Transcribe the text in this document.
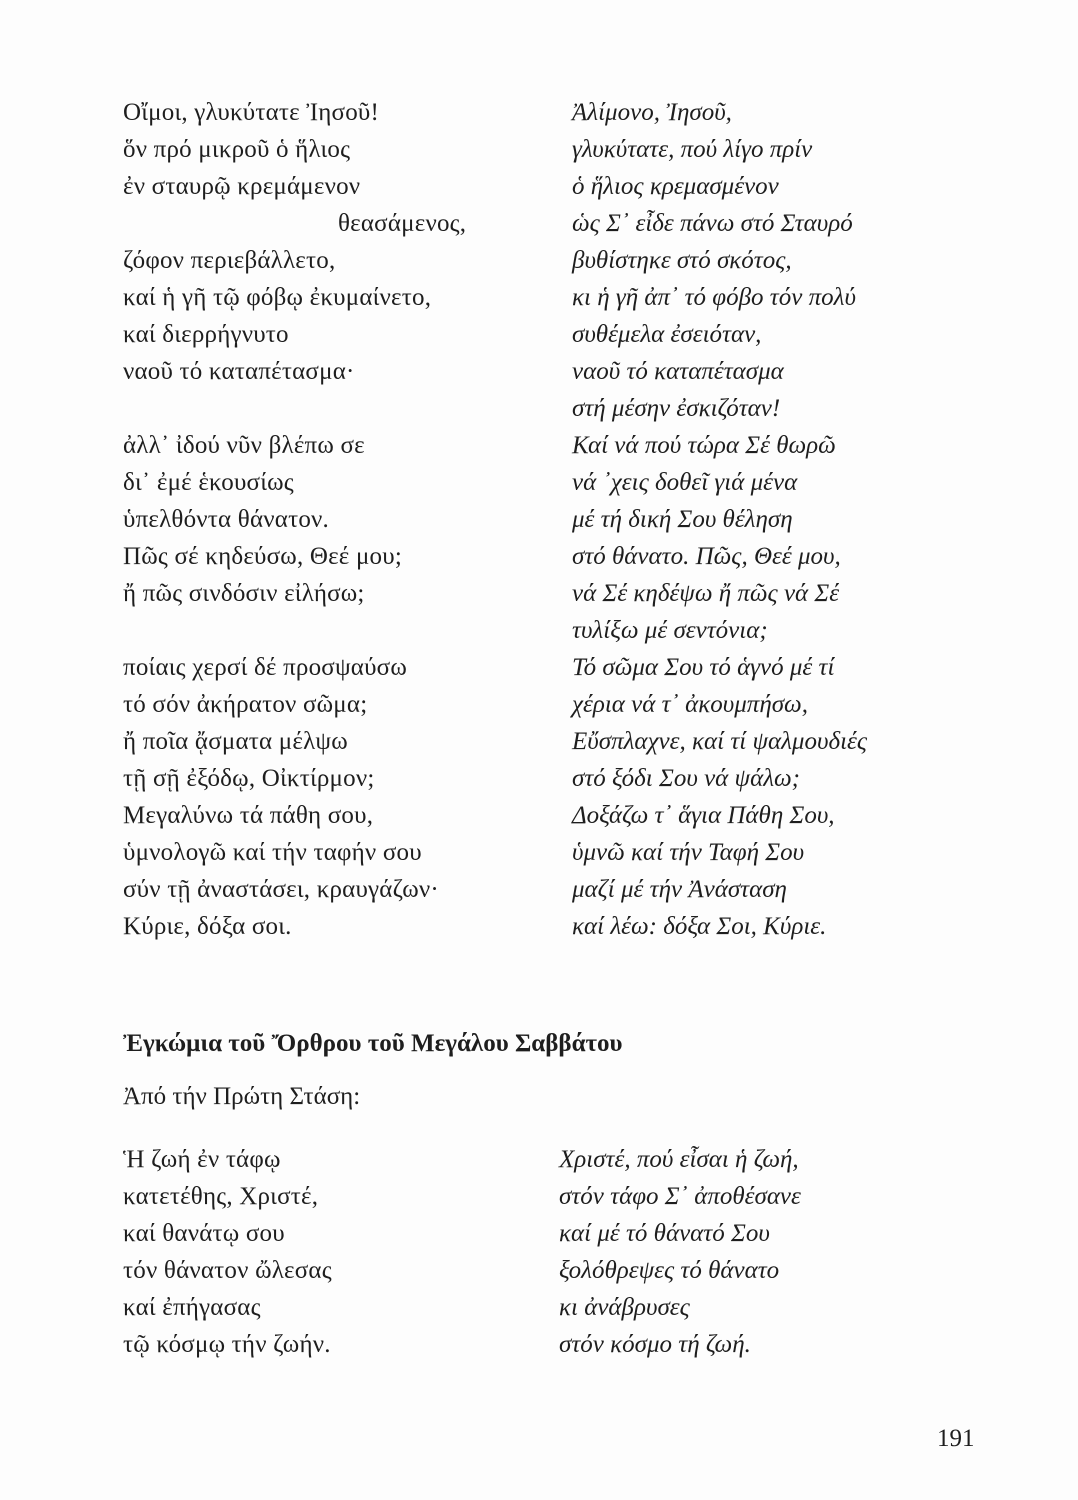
Οἴμοι, γλυκύτατε Ἰησοῦ!
ὅν πρό μικροῦ ὁ ἥλιος
ἐν σταυρῷ κρεμάμενον
θεασάμενος,
ζόφον περιεβάλλετο,
καί ἡ γῆ τῷ φόβῳ ἐκυμαίνετο,
καί διερρήγνυτο
ναοῦ τό καταπέτασμα·
ἀλλ᾿ ἰδού νῦν βλέπω σε
δι᾿ ἐμέ ἑκουσίως
ὑπελθόντα θάνατον.
Πῶς σέ κηδεύσω, Θεέ μου;
ἤ πῶς σινδόσιν εἰλήσω;
ποίαις χερσί δέ προσψαύσω
τό σόν ἀκήρατον σῶμα;
ἤ ποῖα ᾄσματα μέλψω
τῇ σῇ ἐξόδῳ, Οἰκτίρμον;
Μεγαλύνω τά πάθη σου,
ὑμνολογῶ καί τήν ταφήν σου
σύν τῇ ἀναστάσει, κραυγάζων·
Κύριε, δόξα σοι.
Ἀλίμονο, Ἰησοῦ,
γλυκύτατε, πού λίγο πρίν
ὁ ἥλιος κρεμασμένον
ὡς Σ᾿ εἶδε πάνω στό Σταυρό
βυθίστηκε στό σκότος,
κι ἡ γῆ ἀπ᾿ τό φόβο τόν πολύ
συθέμελα ἐσειόταν,
ναοῦ τό καταπέτασμα
στή μέσην ἐσκιζόταν!
Καί νά πού τώρα Σέ θωρῶ
νά ᾿χεις δοθεῖ γιά μένα
μέ τή δική Σου θέληση
στό θάνατο. Πῶς, Θεέ μου,
νά Σέ κηδέψω ἤ πῶς νά Σέ
τυλίξω μέ σεντόνια;
Τό σῶμα Σου τό ἁγνό μέ τί
χέρια νά τ᾿ ἀκουμπήσω,
Εὔσπλαχνε, καί τί ψαλμουδιές
στό ξόδι Σου νά ψάλω;
Δοξάζω τ᾿ ἅγια Πάθη Σου,
ὑμνῶ καί τήν Ταφή Σου
μαζί μέ τήν Ἀνάσταση
καί λέω: δόξα Σοι, Κύριε.
Ἐγκώμια τοῦ Ὄρθρου τοῦ Μεγάλου Σαββάτου
Ἀπό τήν Πρώτη Στάση:
Ἡ ζωή ἐν τάφῳ
κατετέθης, Χριστέ,
καί θανάτῳ σου
τόν θάνατον ὤλεσας
καί ἐπήγασας
τῷ κόσμῳ τήν ζωήν.
Χριστέ, πού εἶσαι ἡ ζωή,
στόν τάφο Σ᾿ ἀποθέσανε
καί μέ τό θάνατό Σου
ξολόθρεψες τό θάνατο
κι ἀνάβρυσες
στόν κόσμο τή ζωή.
191
